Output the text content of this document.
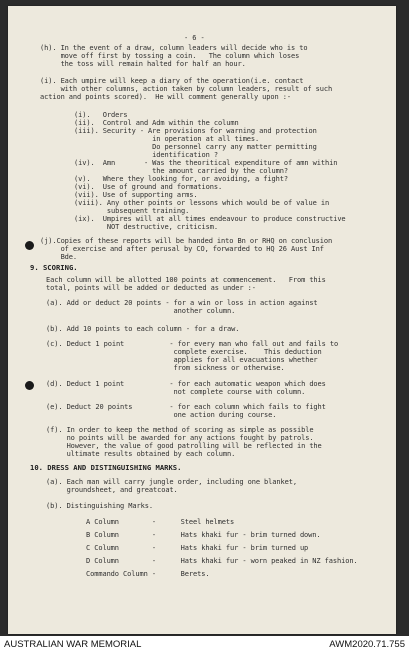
- 6 -
(h). In the event of a draw, column leaders will decide who is to
move off first by tossing a coin.   The column which loses
the toss will remain halted for half an hour.
(i). Each umpire will keep a diary of the operation(i.e. contact
with other columns, action taken by column leaders, result of such
action and points scored).  He will comment generally upon :-
(i).   Orders
(ii).  Control and Adm within the column
(iii). Security - Are provisions for warning and protection
in operation at all times.
Do personnel carry any matter permitting
identification ?
(iv).  Amn       - Was the theoritical expenditure of amn within
the amount carried by the column?
(v).   Where they looking for, or avoiding, a fight?
(vi).  Use of ground and formations.
(vii). Use of supporting arms.
(viii). Any other points or lessons which would be of value in
subsequent training.
(ix).  Umpires will at all times endeavour to produce constructive
NOT destructive, criticism.
(j).Copies of these reports will be handed into Bn or RHQ on conclusion
of exercise and after perusal by CO, forwarded to HQ 26 Aust Inf
Bde.
9. SCORING.
Each column will be allotted 100 points at commencement.   From this
total, points will be added or deducted as under :-
(a). Add or deduct 20 points - for a win or loss in action against
another column.
(b). Add 10 points to each column - for a draw.
(c). Deduct 1 point           - for every man who fall out and fails to
complete exercise.    This deduction
applies for all evacuations whether
from sickness or otherwise.
(d). Deduct 1 point           - for each automatic weapon which does
not complete course with column.
(e). Deduct 20 points         - for each column which fails to fight
one action during course.
(f). In order to keep the method of scoring as simple as possible
no points will be awarded for any actions fought by patrols.
However, the value of good patrolling will be reflected in the
ultimate results obtained by each column.
10. DRESS AND DISTINGUISHING MARKS.
(a). Each man will carry jungle order, including one blanket,
groundsheet, and greatcoat.
(b). Distinguishing Marks.
A Column        -      Steel helmets
B Column        -      Hats khaki fur - brim turned down.
C Column        -      Hats khaki fur - brim turned up
D Column        -      Hats khaki fur - worn peaked in NZ fashion.
Commando Column -      Berets.
AUSTRALIAN WAR MEMORIAL	AWM2020.71.755
